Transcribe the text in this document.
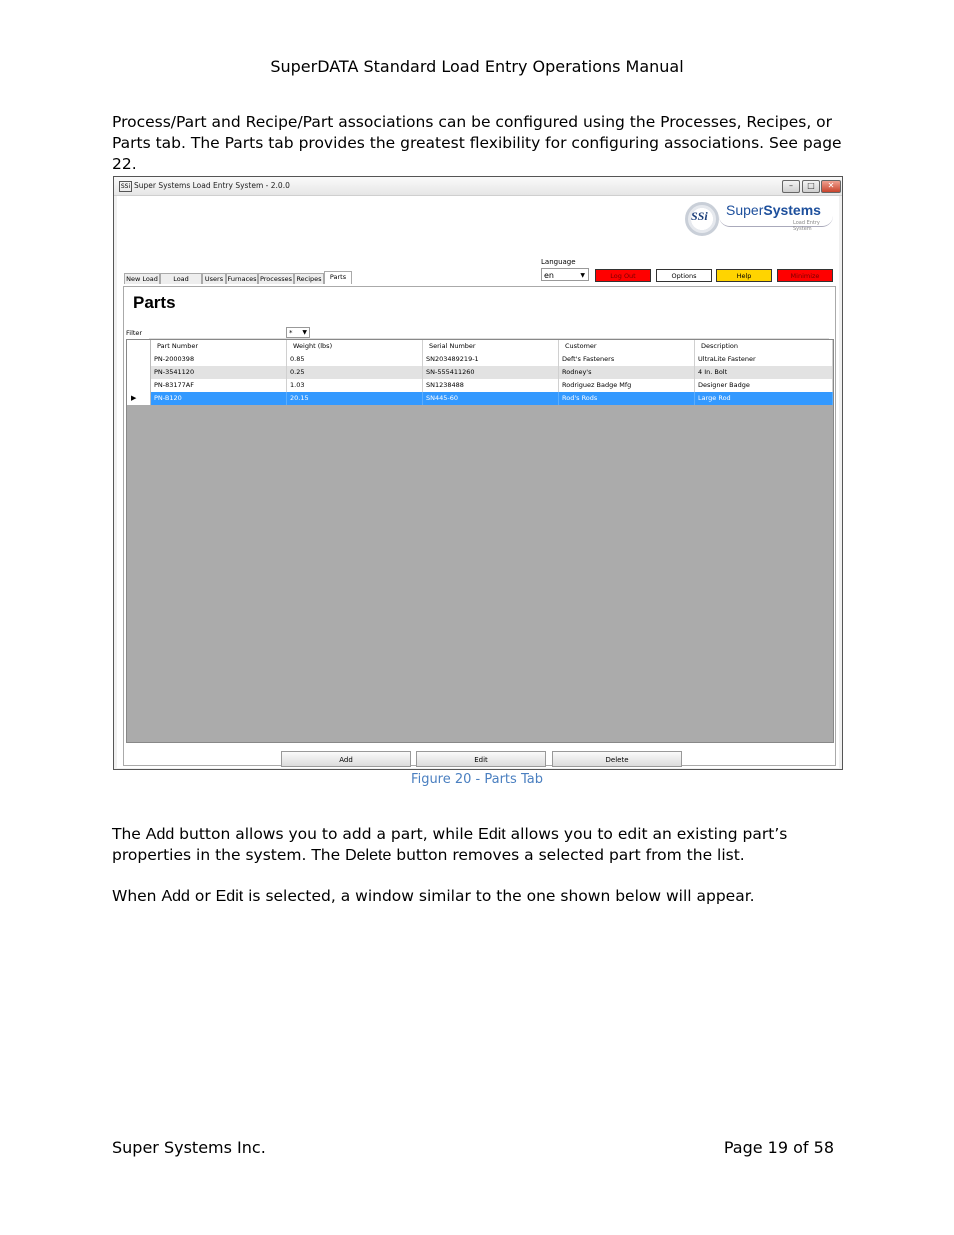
SuperDATA Standard Load Entry Operations Manual
Process/Part and Recipe/Part associations can be configured using the Processes, Recipes, or
Parts tab. The Parts tab provides the greatest flexibility for configuring associations. See page
22.
SSi Super Systems Load Entry System - 2.0.0	–	□	✕
SSi SuperSystems
Load Entry System
Language
en	▼	Log Out	Options	Help	Minimize
New Load	Load	Users Furnaces Processes Recipes	Parts
Parts
Filter	* ▼
Part Number	Weight (lbs)	Serial Number	Customer	Description
PN-2000398	0.85	SN203489219-1	Deft's Fasteners	UltraLite Fastener
PN-3541120	0.25	SN-555411260	Rodney's	4 In. Bolt
PN-83177AF	1.03	SN1238488	Rodriguez Badge Mfg	Designer Badge
▶	PN-B120	20.15	SN445-60	Rod's Rods	Large Rod
Add	Edit	Delete
Figure 20 - Parts Tab
The Add button allows you to add a part, while Edit allows you to edit an existing part’s
properties in the system. The Delete button removes a selected part from the list.
When Add or Edit is selected, a window similar to the one shown below will appear.
Super Systems Inc.	Page 19 of 58
